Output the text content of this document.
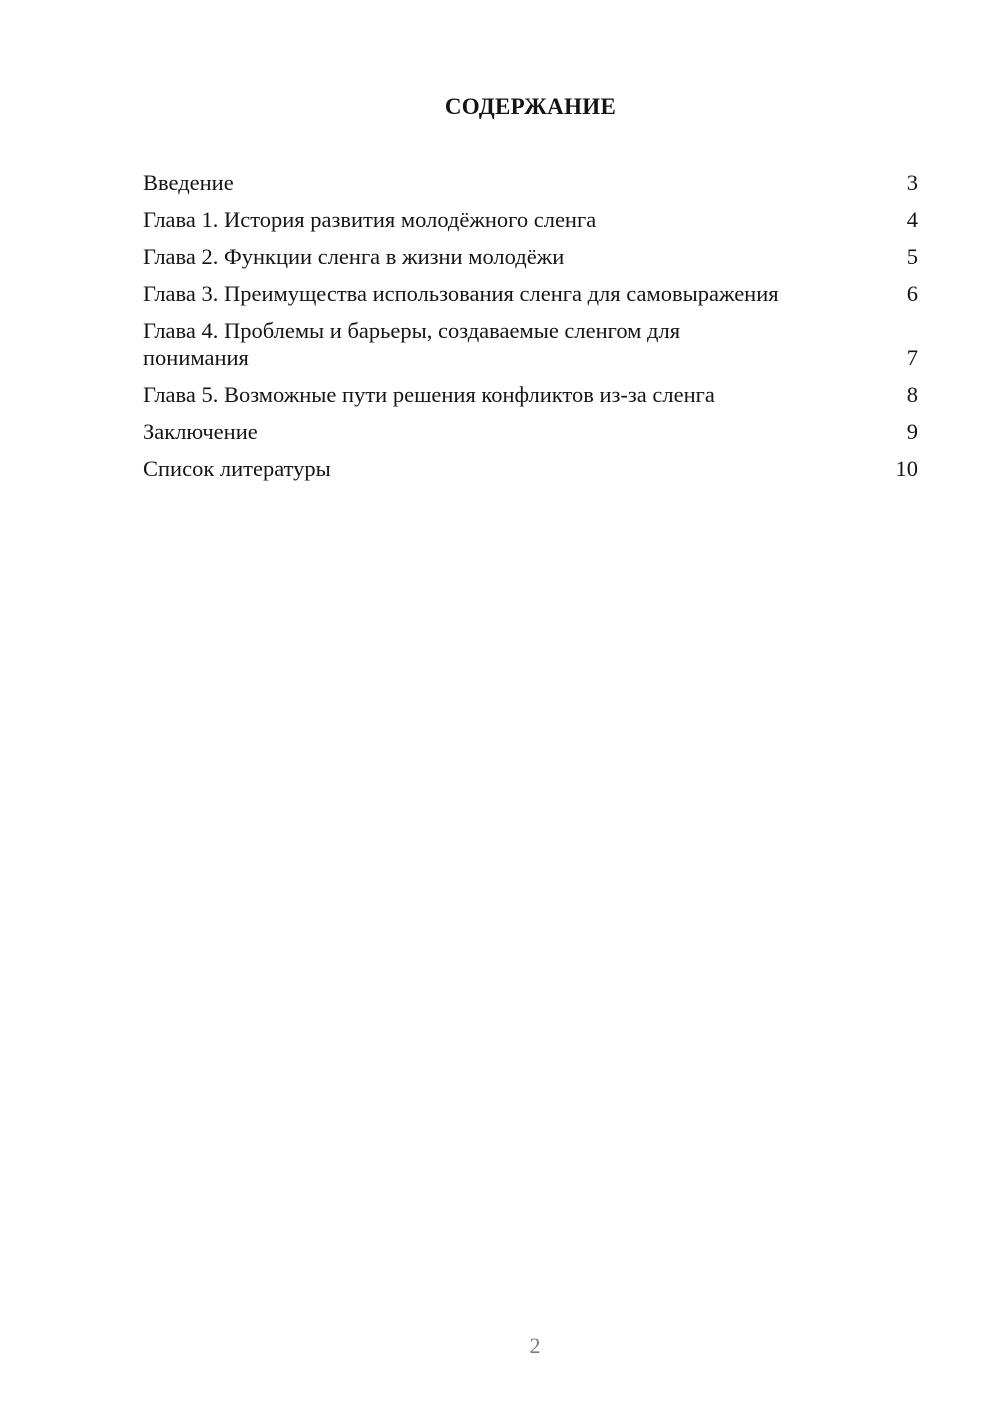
СОДЕРЖАНИЕ
Введение	3
Глава 1. История развития молодёжного сленга	4
Глава 2. Функции сленга в жизни молодёжи	5
Глава 3. Преимущества использования сленга для самовыражения	6
Глава 4. Проблемы и барьеры, создаваемые сленгом для понимания	7
Глава 5. Возможные пути решения конфликтов из-за сленга	8
Заключение	9
Список литературы	10
2
